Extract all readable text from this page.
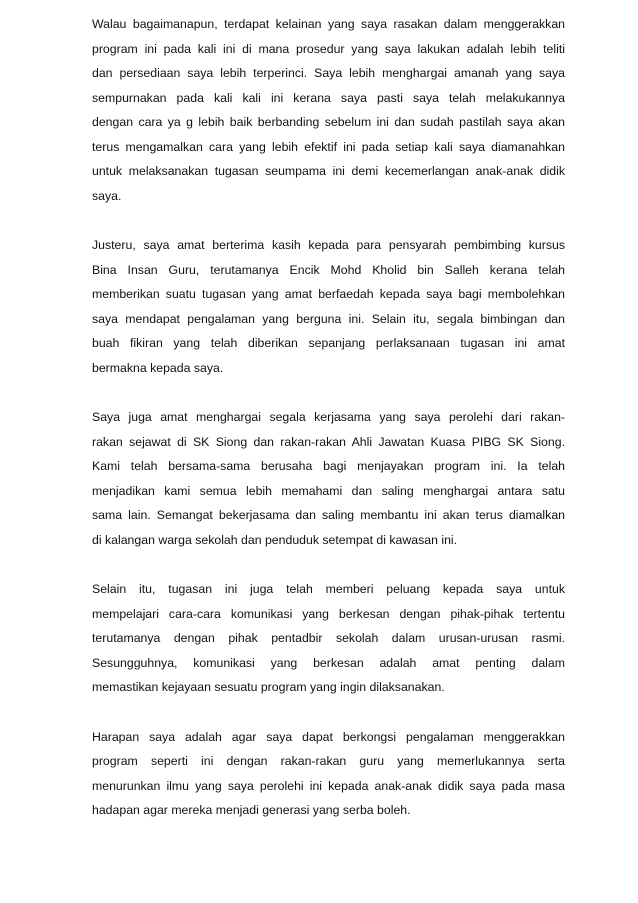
Walau bagaimanapun, terdapat kelainan yang saya rasakan dalam menggerakkan
program ini pada kali ini di mana prosedur yang saya lakukan adalah lebih teliti
dan persediaan saya lebih terperinci. Saya lebih menghargai amanah yang saya
sempurnakan pada kali kali ini kerana saya pasti saya telah melakukannya
dengan cara ya g lebih baik berbanding sebelum ini dan sudah pastilah saya akan
terus mengamalkan cara yang lebih efektif ini pada setiap kali saya diamanahkan
untuk melaksanakan tugasan seumpama ini demi kecemerlangan anak-anak didik
saya.

Justeru, saya amat berterima kasih kepada para pensyarah pembimbing kursus
Bina Insan Guru, terutamanya Encik Mohd Kholid bin Salleh kerana telah
memberikan suatu tugasan yang amat berfaedah kepada saya bagi membolehkan
saya mendapat pengalaman yang berguna ini. Selain itu, segala bimbingan dan
buah fikiran yang telah diberikan sepanjang perlaksanaan tugasan ini amat
bermakna kepada saya.

Saya juga amat menghargai segala kerjasama yang saya perolehi dari rakan-
rakan sejawat di SK Siong dan rakan-rakan Ahli Jawatan Kuasa PIBG SK Siong.
Kami telah bersama-sama berusaha bagi menjayakan program ini. Ia telah
menjadikan kami semua lebih memahami dan saling menghargai antara satu
sama lain. Semangat bekerjasama dan saling membantu ini akan terus diamalkan
di kalangan warga sekolah dan penduduk setempat di kawasan ini.

Selain itu, tugasan ini juga telah memberi peluang kepada saya untuk
mempelajari cara-cara komunikasi yang berkesan dengan pihak-pihak tertentu
terutamanya dengan pihak pentadbir sekolah dalam urusan-urusan rasmi.
Sesungguhnya, komunikasi yang berkesan adalah amat penting dalam
memastikan kejayaan sesuatu program yang ingin dilaksanakan.

Harapan saya adalah agar saya dapat berkongsi pengalaman menggerakkan
program seperti ini dengan rakan-rakan guru yang memerlukannya serta
menurunkan ilmu yang saya perolehi ini kepada anak-anak didik saya pada masa
hadapan agar mereka menjadi generasi yang serba boleh.
